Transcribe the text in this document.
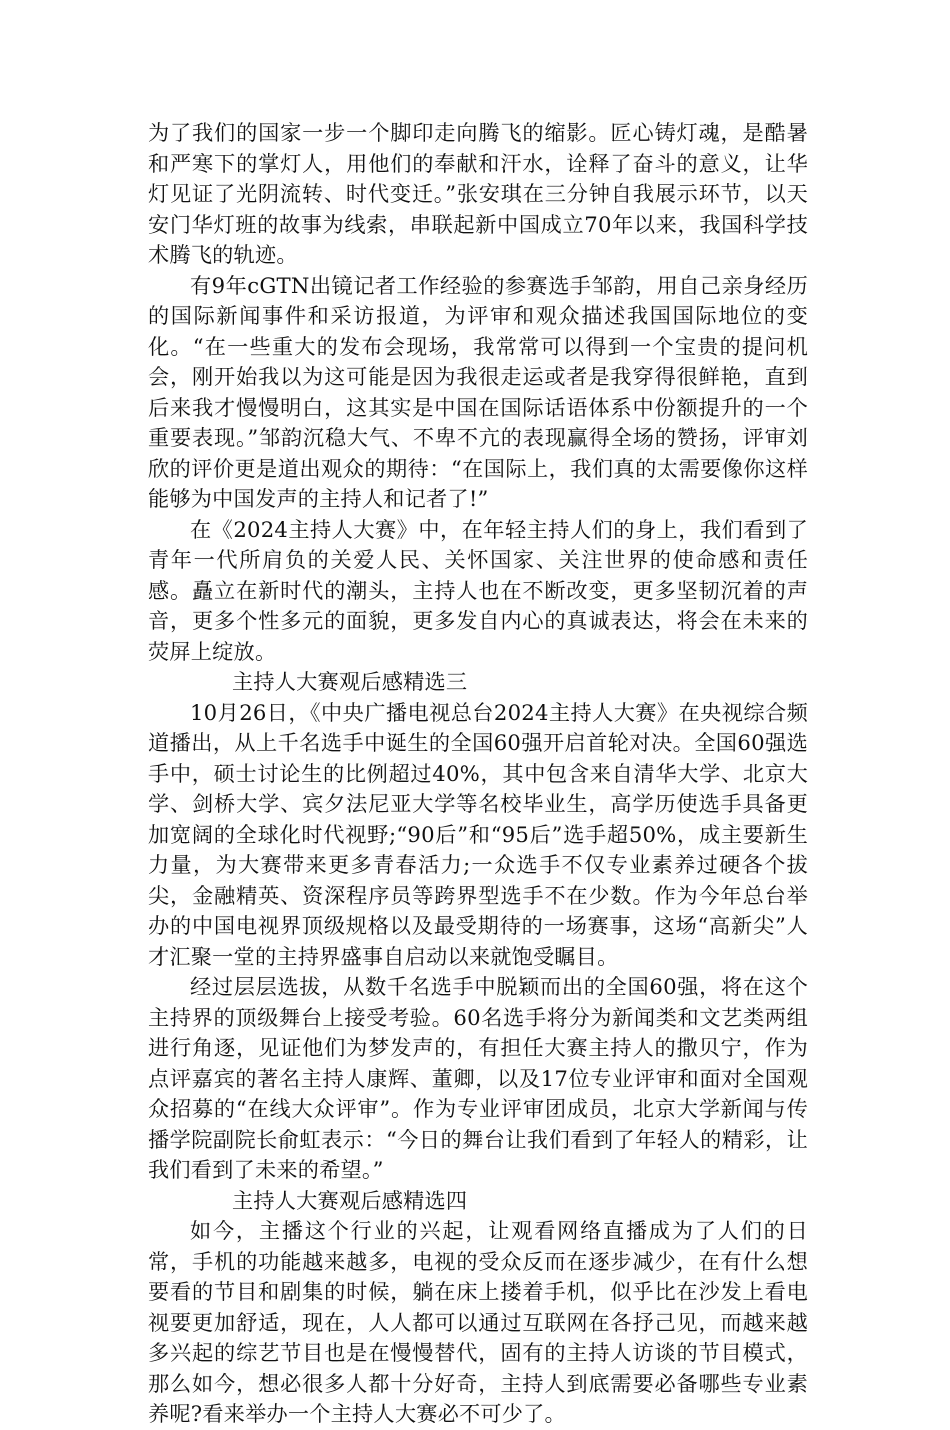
为了我们的国家一步一个脚印走向腾飞的缩影。匠心铸灯魂，是酷暑和严寒下的掌灯人，用他们的奉献和汗水，诠释了奋斗的意义，让华灯见证了光阴流转、时代变迁。”张安琪在三分钟自我展示环节，以天安门华灯班的故事为线索，串联起新中国成立70年以来，我国科学技术腾飞的轨迹。

有9年cGTN出镜记者工作经验的参赛选手邹韵，用自己亲身经历的国际新闻事件和采访报道，为评审和观众描述我国国际地位的变化。“在一些重大的发布会现场，我常常可以得到一个宝贵的提问机会，刚开始我以为这可能是因为我很走运或者是我穿得很鲜艳，直到后来我才慢慢明白，这其实是中国在国际话语体系中份额提升的一个重要表现。”邹韵沉稳大气、不卑不亢的表现赢得全场的赞扬，评审刘欣的评价更是道出观众的期待：“在国际上，我们真的太需要像你这样能够为中国发声的主持人和记者了!”

在《2024主持人大赛》中，在年轻主持人们的身上，我们看到了青年一代所肩负的关爱人民、关怀国家、关注世界的使命感和责任感。矗立在新时代的潮头，主持人也在不断改变，更多坚韧沉着的声音，更多个性多元的面貌，更多发自内心的真诚表达，将会在未来的荧屏上绽放。

主持人大赛观后感精选三

10月26日，《中央广播电视总台2024主持人大赛》在央视综合频道播出，从上千名选手中诞生的全国60强开启首轮对决。全国60强选手中，硕士讨论生的比例超过40%，其中包含来自清华大学、北京大学、剑桥大学、宾夕法尼亚大学等名校毕业生，高学历使选手具备更加宽阔的全球化时代视野;“90后”和“95后”选手超50%，成主要新生力量，为大赛带来更多青春活力;一众选手不仅专业素养过硬各个拔尖，金融精英、资深程序员等跨界型选手不在少数。作为今年总台举办的中国电视界顶级规格以及最受期待的一场赛事，这场“高新尖”人才汇聚一堂的主持界盛事自启动以来就饱受瞩目。

经过层层选拔，从数千名选手中脱颖而出的全国60强，将在这个主持界的顶级舞台上接受考验。60名选手将分为新闻类和文艺类两组进行角逐，见证他们为梦发声的，有担任大赛主持人的撒贝宁，作为点评嘉宾的著名主持人康辉、董卿，以及17位专业评审和面对全国观众招募的“在线大众评审”。作为专业评审团成员，北京大学新闻与传播学院副院长俞虹表示：“今日的舞台让我们看到了年轻人的精彩，让我们看到了未来的希望。”

主持人大赛观后感精选四

如今，主播这个行业的兴起，让观看网络直播成为了人们的日常，手机的功能越来越多，电视的受众反而在逐步减少，在有什么想要看的节目和剧集的时候，躺在床上搂着手机，似乎比在沙发上看电视要更加舒适，现在，人人都可以通过互联网在各抒己见，而越来越多兴起的综艺节目也是在慢慢替代，固有的主持人访谈的节目模式，那么如今，想必很多人都十分好奇，主持人到底需要必备哪些专业素养呢?看来举办一个主持人大赛必不可少了。
